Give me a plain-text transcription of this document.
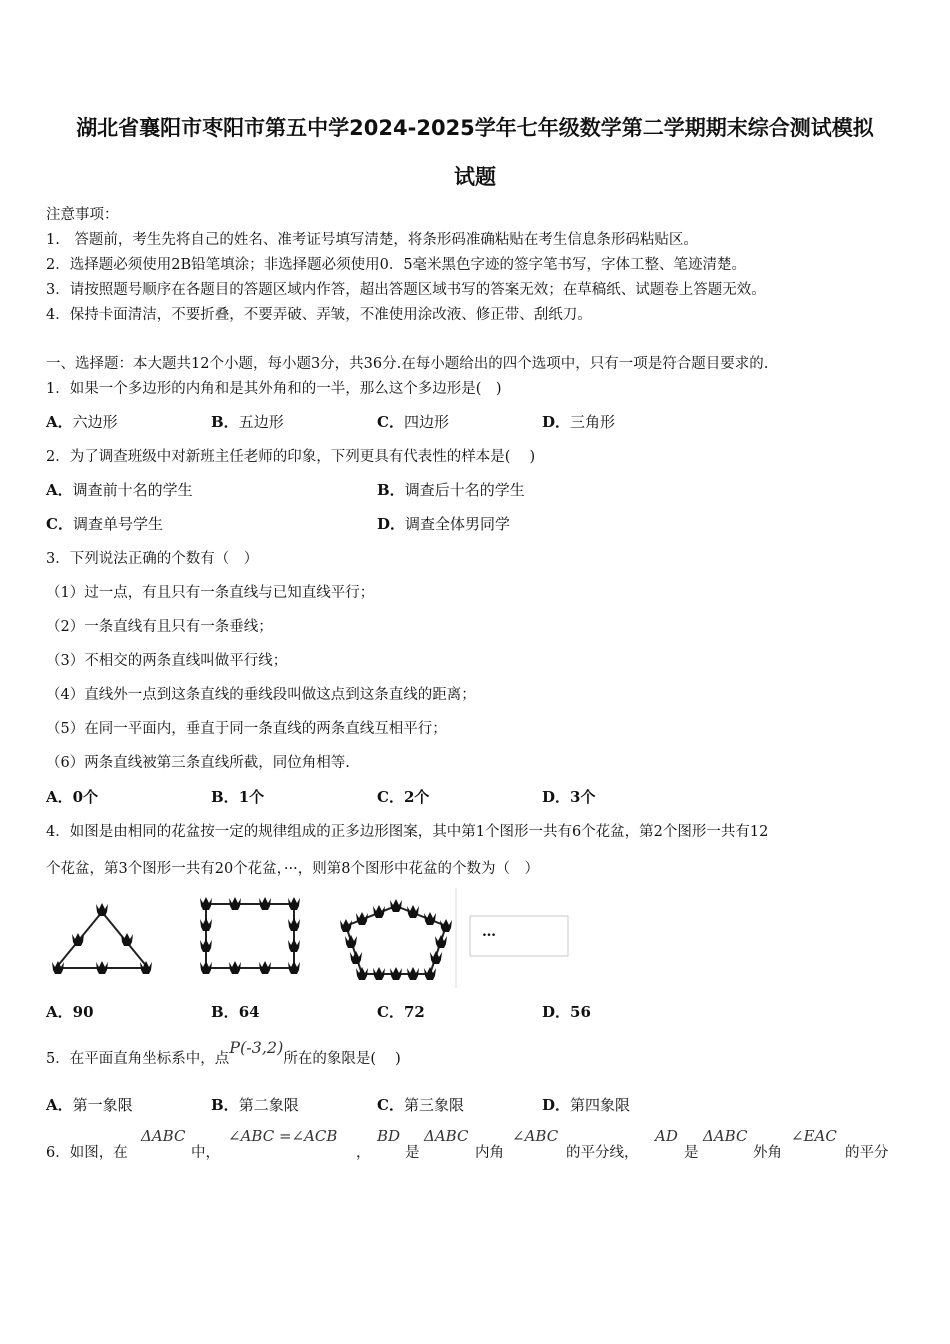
湖北省襄阳市枣阳市第五中学2024-2025学年七年级数学第二学期期末综合测试模拟
试题
注意事项：
1.　答题前，考生先将自己的姓名、准考证号填写清楚，将条形码准确粘贴在考生信息条形码粘贴区。
2．选择题必须使用2B铅笔填涂；非选择题必须使用0．5毫米黑色字迹的签字笔书写，字体工整、笔迹清楚。
3．请按照题号顺序在各题目的答题区域内作答，超出答题区域书写的答案无效；在草稿纸、试题卷上答题无效。
4．保持卡面清洁，不要折叠，不要弄破、弄皱，不准使用涂改液、修正带、刮纸刀。
一、选择题：本大题共12个小题，每小题3分，共36分.在每小题给出的四个选项中，只有一项是符合题目要求的.
1．如果一个多边形的内角和是其外角和的一半，那么这个多边形是(　)
A．六边形	B．五边形	C．四边形	D．三角形
2．为了调查班级中对新班主任老师的印象，下列更具有代表性的样本是(　 )
A．调查前十名的学生	B．调查后十名的学生
C．调查单号学生	D．调查全体男同学
3．下列说法正确的个数有（　）
（1）过一点，有且只有一条直线与已知直线平行；
（2）一条直线有且只有一条垂线；
（3）不相交的两条直线叫做平行线；
（4）直线外一点到这条直线的垂线段叫做这点到这条直线的距离；
（5）在同一平面内，垂直于同一条直线的两条直线互相平行；
（6）两条直线被第三条直线所截，同位角相等.
A．0个	B．1个	C．2个	D．3个
4．如图是由相同的花盆按一定的规律组成的正多边形图案，其中第1个图形一共有6个花盆，第2个图形一共有12
个花盆，第3个图形一共有20个花盆，···，则第8个图形中花盆的个数为（　）
…
A．90	B．64	C．72	D．56
5．在平面直角坐标系中，点P(-3,2)所在的象限是(　 )
A．第一象限	B．第二象限	C．第三象限	D．第四象限
6．如图，在
ΔABC
中，
∠ABC =∠ACB
，
BD
是
ΔABC
内角
∠ABC
的平分线，
AD
是
ΔABC
外角
∠EAC
的平分
